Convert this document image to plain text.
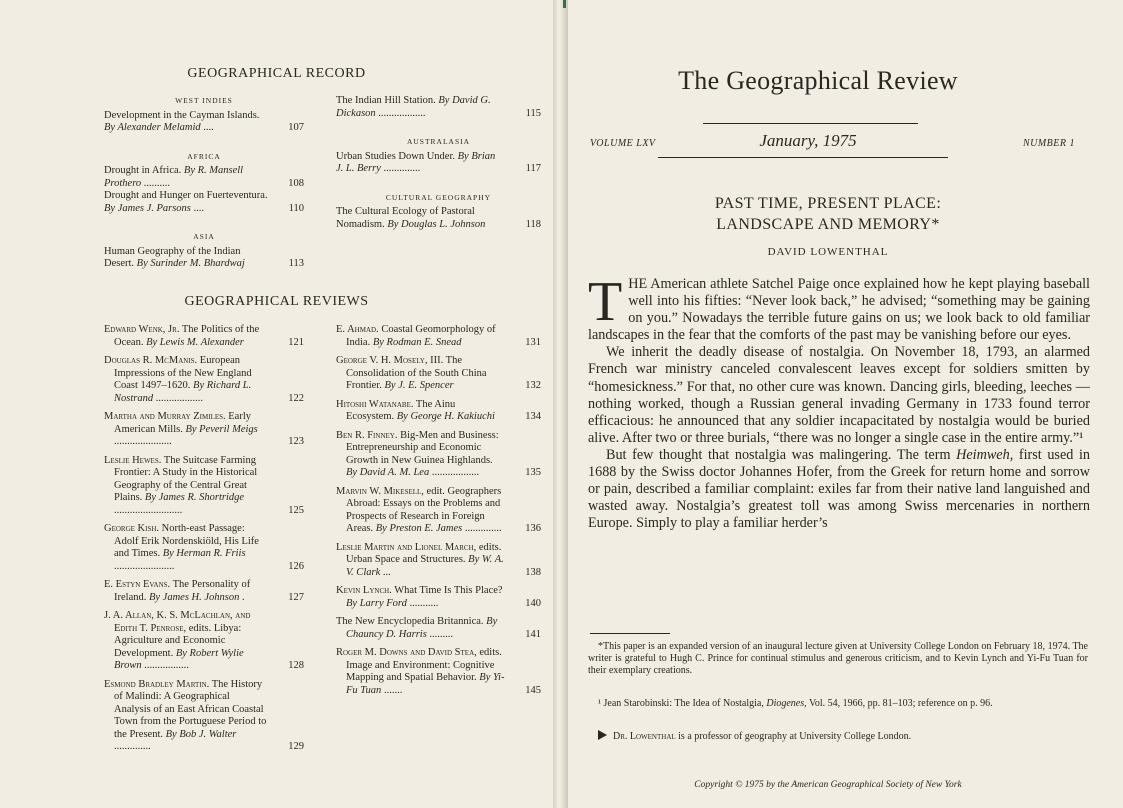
GEOGRAPHICAL RECORD
WEST INDIES
Development in the Cayman Islands. By Alexander Melamid ....	107
AFRICA
Drought in Africa. By R. Mansell Prothero ..........	108
Drought and Hunger on Fuerteventura. By James J. Parsons ....	110
ASIA
Human Geography of the Indian Desert. By Surinder M. Bhardwaj	113
The Indian Hill Station. By David G. Dickason ..................	115
AUSTRALASIA
Urban Studies Down Under. By Brian J. L. Berry ..............	117
CULTURAL GEOGRAPHY
The Cultural Ecology of Pastoral Nomadism. By Douglas L. Johnson	118
GEOGRAPHICAL REVIEWS
Edward Wenk, Jr. The Politics of the Ocean. By Lewis M. Alexander	121
Douglas R. McManis. European Impressions of the New England Coast 1497–1620. By Richard L. Nostrand ..................	122
Martha and Murray Zimiles. Early American Mills. By Peveril Meigs ......................	123
Leslie Hewes. The Suitcase Farming Frontier: A Study in the Historical Geography of the Central Great Plains. By James R. Shortridge ..........................	125
George Kish. North-east Passage: Adolf Erik Nordenskiöld, His Life and Times. By Herman R. Friis .......................	126
E. Estyn Evans. The Personality of Ireland. By James H. Johnson .	127
J. A. Allan, K. S. McLachlan, and Edith T. Penrose, edits. Libya: Agriculture and Economic Development. By Robert Wylie Brown .................	128
Esmond Bradley Martin. The History of Malindi: A Geographical Analysis of an East African Coastal Town from the Portuguese Period to the Present. By Bob J. Walter ..............	129
E. Ahmad. Coastal Geomorphology of India. By Rodman E. Snead	131
George V. H. Mosely, III. The Consolidation of the South China Frontier. By J. E. Spencer	132
Hitoshi Watanabe. The Ainu Ecosystem. By George H. Kakiuchi	134
Ben R. Finney. Big-Men and Business: Entrepreneurship and Economic Growth in New Guinea Highlands. By David A. M. Lea ..................	135
Marvin W. Mikesell, edit. Geographers Abroad: Essays on the Problems and Prospects of Research in Foreign Areas. By Preston E. James ..............	136
Leslie Martin and Lionel March, edits. Urban Space and Structures. By W. A. V. Clark ...	138
Kevin Lynch. What Time Is This Place? By Larry Ford ...........	140
The New Encyclopedia Britannica. By Chauncy D. Harris .........	141
Roger M. Downs and David Stea, edits. Image and Environment: Cognitive Mapping and Spatial Behavior. By Yi-Fu Tuan .......	145
The Geographical Review
VOLUME LXV	January, 1975	NUMBER 1
PAST TIME, PRESENT PLACE:
LANDSCAPE AND MEMORY*
DAVID LOWENTHAL

THE American athlete Satchel Paige once explained how he kept playing baseball well into his fifties: “Never look back,” he advised; “something may be gaining on you.” Nowadays the terrible future gains on us; we look back to old familiar landscapes in the fear that the comforts of the past may be vanishing before our eyes.

We inherit the deadly disease of nostalgia. On November 18, 1793, an alarmed French war ministry canceled convalescent leaves except for soldiers smitten by “homesickness.” For that, no other cure was known. Dancing girls, bleeding, leeches — nothing worked, though a Russian general invading Germany in 1733 found terror efficacious: he announced that any soldier incapacitated by nostalgia would be buried alive. After two or three burials, “there was no longer a single case in the entire army.”¹

But few thought that nostalgia was malingering. The term Heimweh, first used in 1688 by the Swiss doctor Johannes Hofer, from the Greek for return home and sorrow or pain, described a familiar complaint: exiles far from their native land languished and wasted away. Nostalgia’s greatest toll was among Swiss mercenaries in northern Europe. Simply to play a familiar herder’s

*This paper is an expanded version of an inaugural lecture given at University College London on February 18, 1974. The writer is grateful to Hugh C. Prince for continual stimulus and generous criticism, and to Kevin Lynch and Yi-Fu Tuan for their exemplary creations.
¹ Jean Starobinski: The Idea of Nostalgia, Diogenes, Vol. 54, 1966, pp. 81–103; reference on p. 96.
Dr. Lowenthal is a professor of geography at University College London.
Copyright © 1975 by the American Geographical Society of New York
